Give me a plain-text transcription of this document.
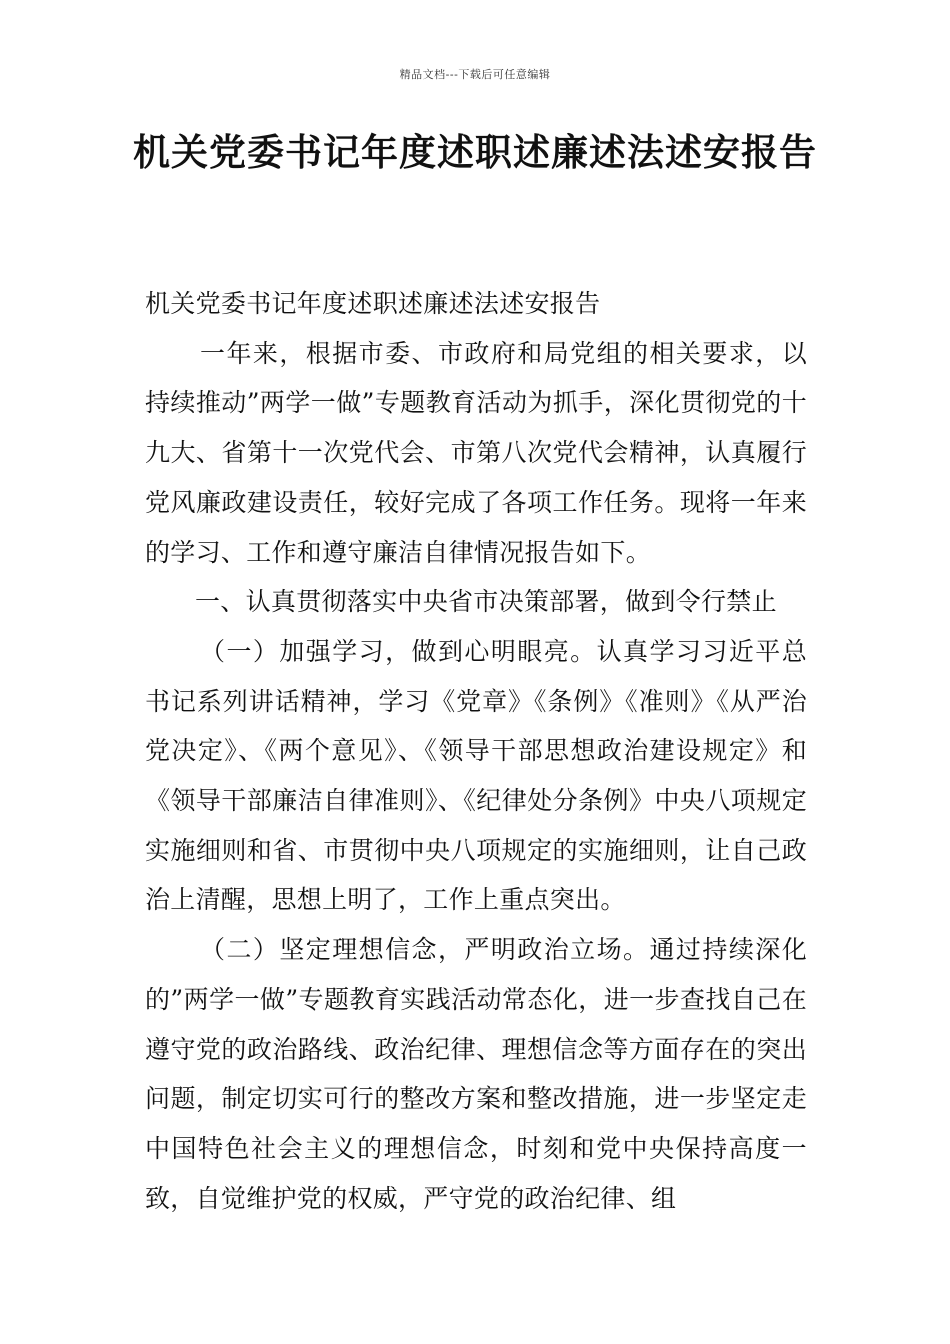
精品文档---下载后可任意编辑
机关党委书记年度述职述廉述法述安报告

机关党委书记年度述职述廉述法述安报告

一年来，根据市委、市政府和局党组的相关要求，以持续推动”两学一做”专题教育活动为抓手，深化贯彻党的十九大、省第十一次党代会、市第八次党代会精神，认真履行党风廉政建设责任，较好完成了各项工作任务。现将一年来的学习、工作和遵守廉洁自律情况报告如下。

一、认真贯彻落实中央省市决策部署，做到令行禁止

（一）加强学习，做到心明眼亮。认真学习习近平总书记系列讲话精神，学习《党章》《条例》《准则》《从严治党决定》、《两个意见》、《领导干部思想政治建设规定》和《领导干部廉洁自律准则》、《纪律处分条例》中央八项规定实施细则和省、市贯彻中央八项规定的实施细则，让自己政治上清醒，思想上明了，工作上重点突出。

（二）坚定理想信念，严明政治立场。通过持续深化的”两学一做”专题教育实践活动常态化，进一步查找自己在遵守党的政治路线、政治纪律、理想信念等方面存在的突出问题，制定切实可行的整改方案和整改措施，进一步坚定走中国特色社会主义的理想信念，时刻和党中央保持高度一致，自觉维护党的权威，严守党的政治纪律、组
